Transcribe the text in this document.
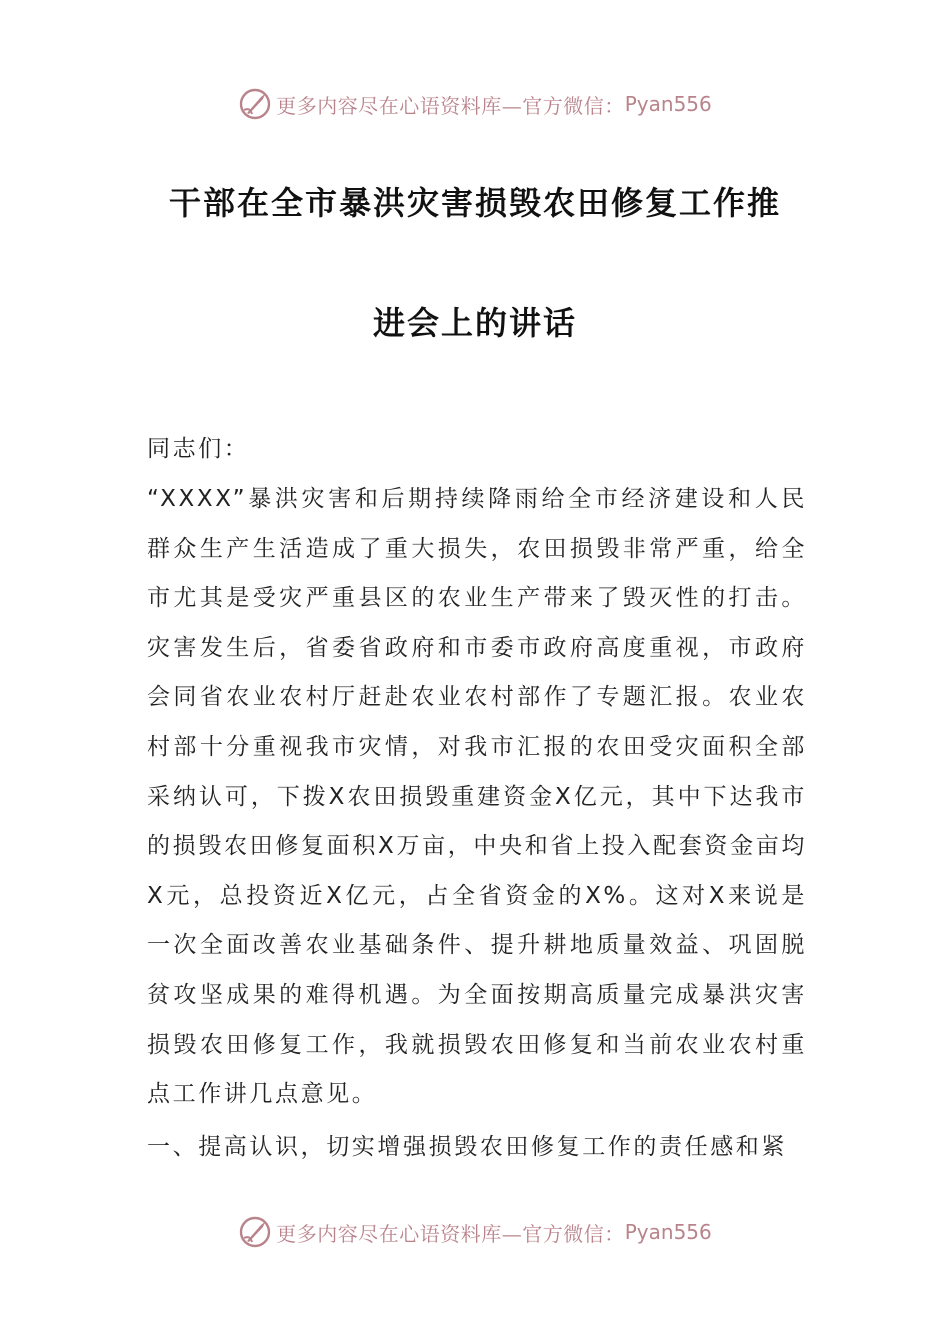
更多内容尽在心语资料库—官方微信： Pyan556
干部在全市暴洪灾害损毁农田修复工作推
进会上的讲话
同志们：
“XXXX”暴洪灾害和后期持续降雨给全市经济建设和人民群众生产生活造成了重大损失，农田损毁非常严重，给全市尤其是受灾严重县区的农业生产带来了毁灭性的打击。灾害发生后，省委省政府和市委市政府高度重视，市政府会同省农业农村厅赶赴农业农村部作了专题汇报。农业农村部十分重视我市灾情，对我市汇报的农田受灾面积全部采纳认可，下拨X农田损毁重建资金X亿元，其中下达我市的损毁农田修复面积X万亩，中央和省上投入配套资金亩均X元，总投资近X亿元，占全省资金的X%。这对X来说是一次全面改善农业基础条件、提升耕地质量效益、巩固脱贫攻坚成果的难得机遇。为全面按期高质量完成暴洪灾害损毁农田修复工作，我就损毁农田修复和当前农业农村重点工作讲几点意见。
一、提高认识，切实增强损毁农田修复工作的责任感和紧
更多内容尽在心语资料库—官方微信： Pyan556
